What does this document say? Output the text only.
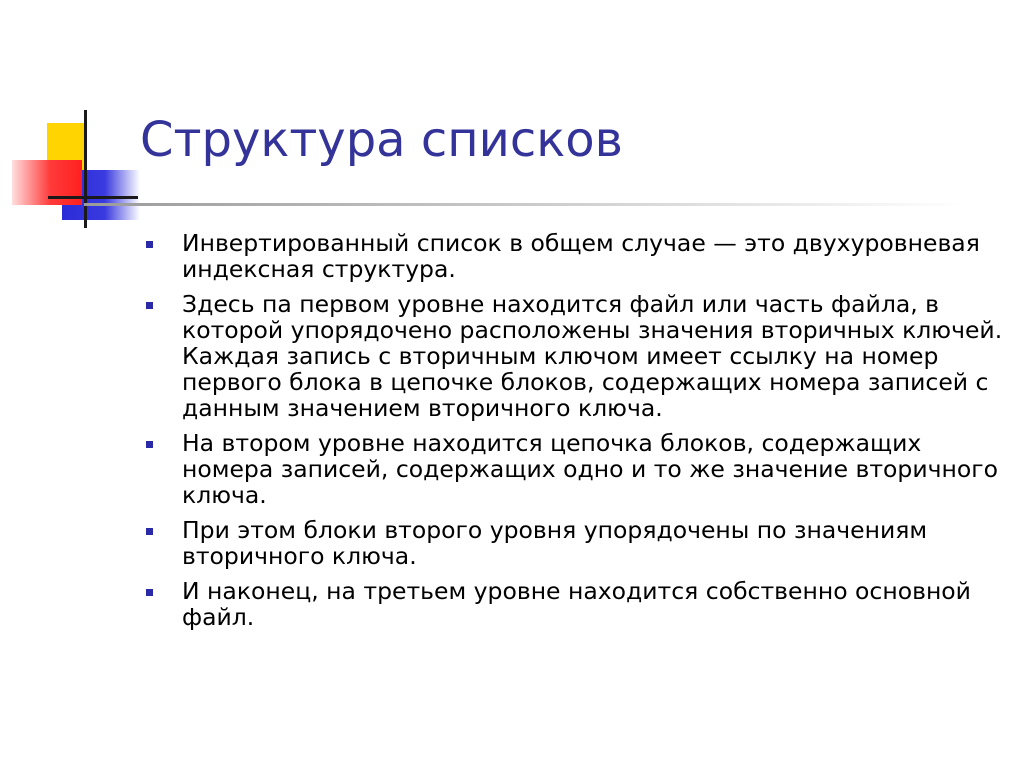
Структура списков
Инвертированный список в общем случае — это двухуровневая индексная структура.
Здесь па первом уровне находится файл или часть файла, в которой упорядочено расположены значения вторичных ключей. Каждая запись с вторичным ключом имеет ссылку на номер первого блока в цепочке блоков, содержащих номера записей с данным значением вторичного ключа.
На втором уровне находится цепочка блоков, содержащих номера записей, содержащих одно и то же значение вторичного ключа.
При этом блоки второго уровня упорядочены по значениям вторичного ключа.
И наконец, на третьем уровне находится собственно основной файл.
